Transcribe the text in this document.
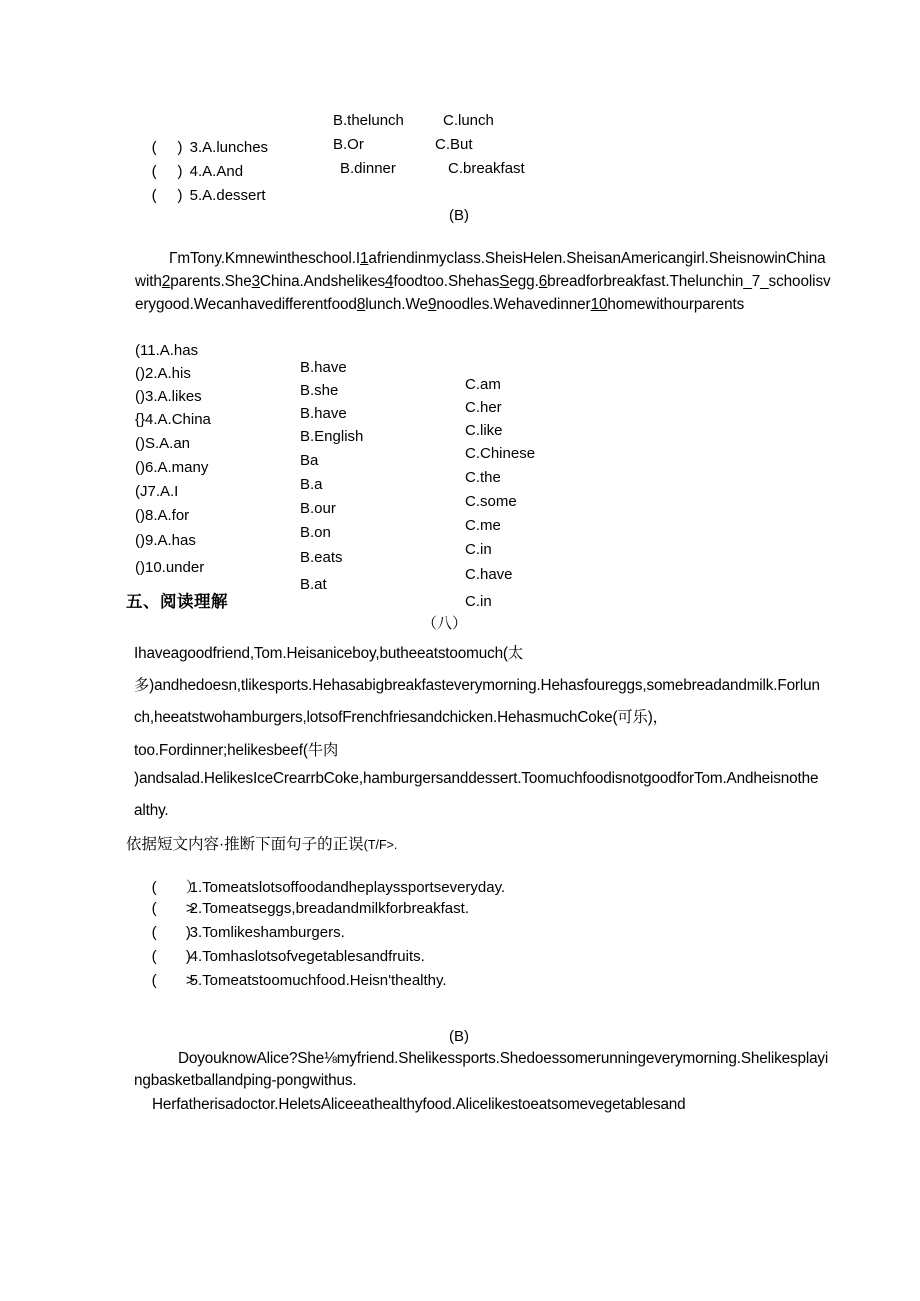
(     ) 3.A.lunches

B.thelunch	C.lunch

(     ) 4.A.And

B.Or	C.But

(     ) 5.A.dessert

B.dinner	C.breakfast
(B)
ΓmTony.Kmnewintheschool.I1afriendinmyclass.SheisHelen.SheisanAmericangirl.SheisnowinChina
with2parents.She3China.Andshelikes4foodtoo.ShehasSegg.6breadforbreakfast.Thelunchin_7_schoolisv
erygood.Wecanhavedifferentfood8lunch.We9noodles.Wehavedinner10homewithourparents

(11.A.has

B.have

C.am

()2.A.his

B.she

C.her

()3.A.likes

B.have

C.like

{}4.A.China

B.English

C.Chinese

()S.A.an

Ba

C.the

()6.A.many

B.a

C.some

(J7.A.I

B.our

C.me

()8.A.for

B.on

C.in

()9.A.has

B.eats

C.have

()10.under

B.at

C.in

五、阅读理解
（八）
Ihaveagoodfriend,Tom.Heisaniceboy,butheeatstoomuch(太
多)andhedoesn,tlikesports.Hehasabigbreakfasteverymorning.Hehasfoureggs,somebreadandmilk.Forlun
ch,heeatstwohamburgers,lotsofFrenchfriesandchicken.HehasmuchCoke(可乐)，
too.Fordinner;helikesbeef(牛肉
)andsalad.HelikesIceCrearrbCoke,hamburgersanddessert.ToomuchfoodisnotgoodforTom.Andheisnothe
althy.
依据短文内容·推断下面句子的正误(T/F>.

(       ）1.Tomeatslotsoffoodandheplayssportseveryday.

(       >2.Tomeatseggs,breadandmilkforbreakfast.

(       )3.Tomlikeshamburgers.

(       )4.Tomhaslotsofvegetablesandfruits.

(       >5.Tomeatstoomuchfood.Heisn'thealthy.

(B)
DoyouknowAlice?She⅛myfriend.Shelikessports.Shedoessomerunningeverymorning.Shelikesplayi
ngbasketballandping-pongwithus.
Herfatherisadoctor.HeletsAliceeathealthyfood.Alicelikestoeatsomevegetablesand
